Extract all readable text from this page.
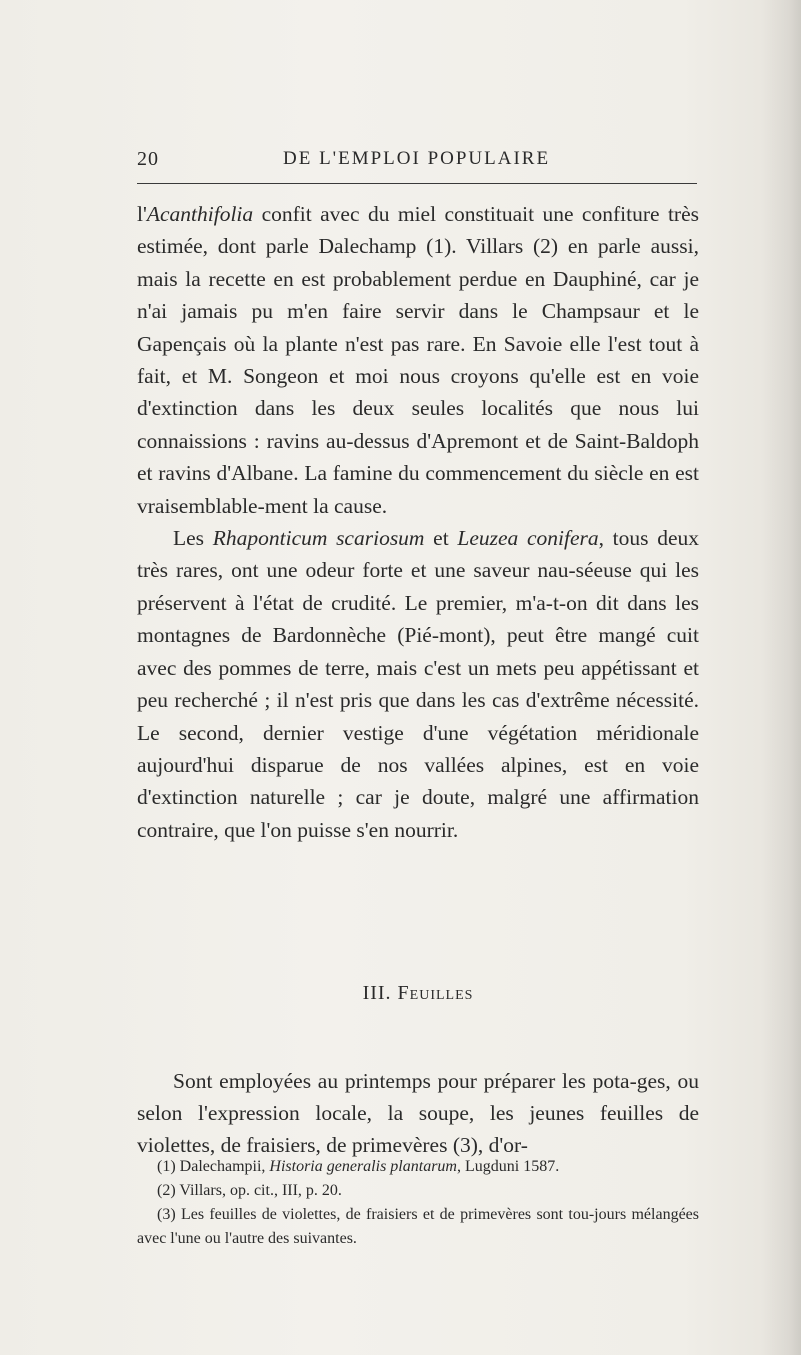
20	DE L'EMPLOI POPULAIRE

l'Acanthifolia confit avec du miel constituait une confiture très estimée, dont parle Dalechamp (1). Villars (2) en parle aussi, mais la recette en est probablement perdue en Dauphiné, car je n'ai jamais pu m'en faire servir dans le Champsaur et le Gapençais où la plante n'est pas rare. En Savoie elle l'est tout à fait, et M. Songeon et moi nous croyons qu'elle est en voie d'extinction dans les deux seules localités que nous lui connaissions : ravins au-dessus d'Apremont et de Saint-Baldoph et ravins d'Albane. La famine du commencement du siècle en est vraisemblable-ment la cause.

Les Rhaponticum scariosum et Leuzea conifera, tous deux très rares, ont une odeur forte et une saveur nau-séeuse qui les préservent à l'état de crudité. Le premier, m'a-t-on dit dans les montagnes de Bardonnèche (Pié-mont), peut être mangé cuit avec des pommes de terre, mais c'est un mets peu appétissant et peu recherché ; il n'est pris que dans les cas d'extrême nécessité. Le second, dernier vestige d'une végétation méridionale aujourd'hui disparue de nos vallées alpines, est en voie d'extinction naturelle ; car je doute, malgré une affirmation contraire, que l'on puisse s'en nourrir.

III. Feuilles

Sont employées au printemps pour préparer les pota-ges, ou selon l'expression locale, la soupe, les jeunes feuilles de violettes, de fraisiers, de primevères (3), d'or-

(1) Dalechampii, Historia generalis plantarum, Lugduni 1587.

(2) Villars, op. cit., III, p. 20.

(3) Les feuilles de violettes, de fraisiers et de primevères sont tou-jours mélangées avec l'une ou l'autre des suivantes.
